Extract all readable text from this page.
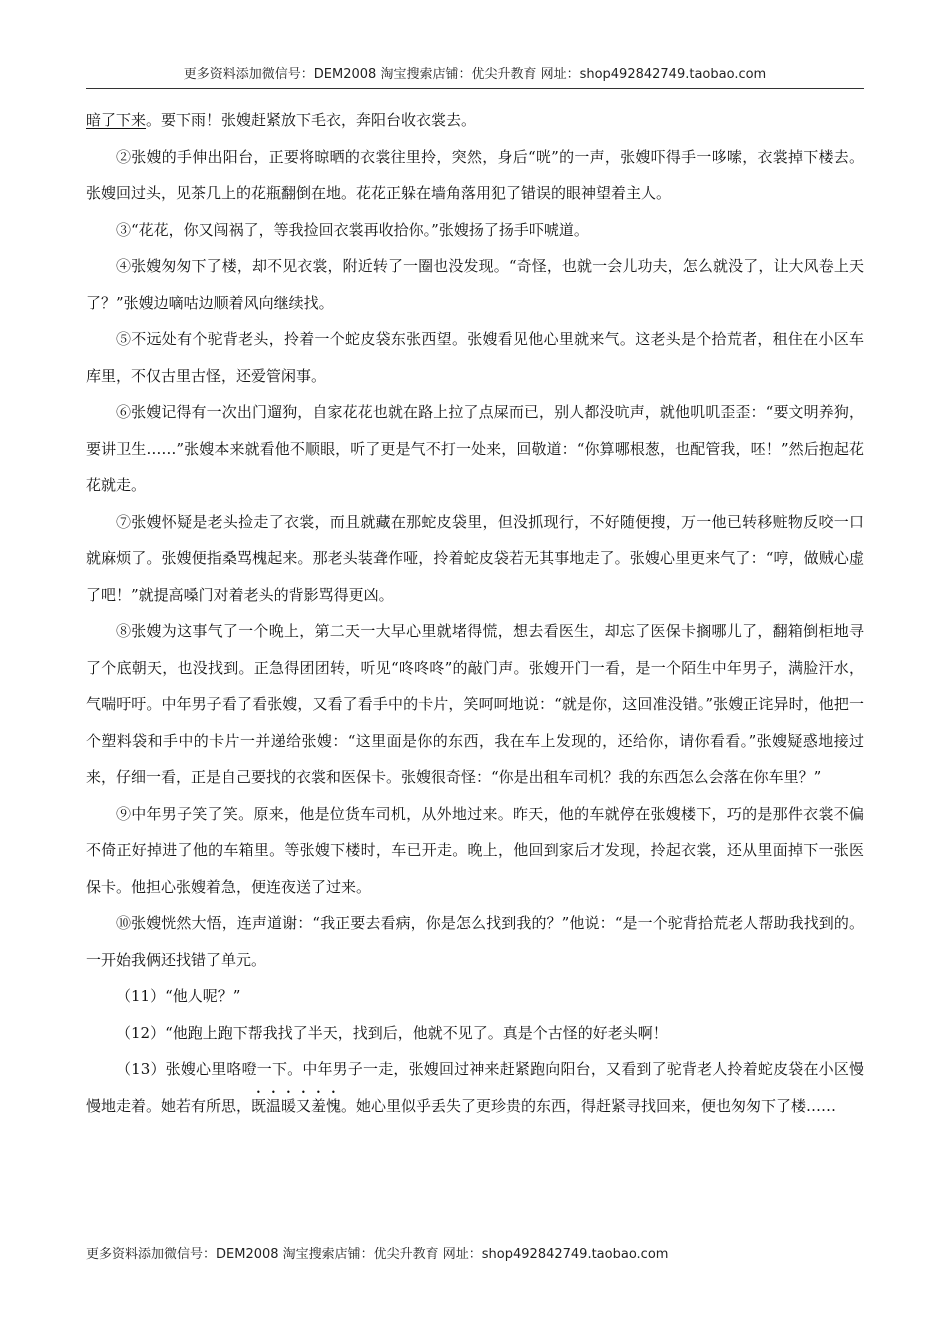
更多资料添加微信号：DEM2008 淘宝搜索店铺：优尖升教育 网址：shop492842749.taobao.com

暗了下来。要下雨！张嫂赶紧放下毛衣，奔阳台收衣裳去。

②张嫂的手伸出阳台，正要将晾晒的衣裳往里拎，突然，身后“咣”的一声，张嫂吓得手一哆嗦，衣裳掉下楼去。张嫂回过头，见茶几上的花瓶翻倒在地。花花正躲在墙角落用犯了错误的眼神望着主人。

③“花花，你又闯祸了，等我捡回衣裳再收拾你。”张嫂扬了扬手吓唬道。

④张嫂匆匆下了楼，却不见衣裳，附近转了一圈也没发现。“奇怪，也就一会儿功夫，怎么就没了，让大风卷上天了？”张嫂边嘀咕边顺着风向继续找。

⑤不远处有个驼背老头，拎着一个蛇皮袋东张西望。张嫂看见他心里就来气。这老头是个拾荒者，租住在小区车库里，不仅古里古怪，还爱管闲事。

⑥张嫂记得有一次出门遛狗，自家花花也就在路上拉了点屎而已，别人都没吭声，就他叽叽歪歪：“要文明养狗，要讲卫生……”张嫂本来就看他不顺眼，听了更是气不打一处来，回敬道：“你算哪根葱，也配管我，呸！”然后抱起花花就走。

⑦张嫂怀疑是老头捡走了衣裳，而且就藏在那蛇皮袋里，但没抓现行，不好随便搜，万一他已转移赃物反咬一口就麻烦了。张嫂便指桑骂槐起来。那老头装聋作哑，拎着蛇皮袋若无其事地走了。张嫂心里更来气了：“哼，做贼心虚了吧！”就提高嗓门对着老头的背影骂得更凶。

⑧张嫂为这事气了一个晚上，第二天一大早心里就堵得慌，想去看医生，却忘了医保卡搁哪儿了，翻箱倒柜地寻了个底朝天，也没找到。正急得团团转，听见“咚咚咚”的敲门声。张嫂开门一看，是一个陌生中年男子，满脸汗水，气喘吁吁。中年男子看了看张嫂，又看了看手中的卡片，笑呵呵地说：“就是你，这回准没错。”张嫂正诧异时，他把一个塑料袋和手中的卡片一并递给张嫂：“这里面是你的东西，我在车上发现的，还给你，请你看看。”张嫂疑惑地接过来，仔细一看，正是自己要找的衣裳和医保卡。张嫂很奇怪：“你是出租车司机？我的东西怎么会落在你车里？”

⑨中年男子笑了笑。原来，他是位货车司机，从外地过来。昨天，他的车就停在张嫂楼下，巧的是那件衣裳不偏不倚正好掉进了他的车箱里。等张嫂下楼时，车已开走。晚上，他回到家后才发现，拎起衣裳，还从里面掉下一张医保卡。他担心张嫂着急，便连夜送了过来。

⑩张嫂恍然大悟，连声道谢：“我正要去看病，你是怎么找到我的？”他说：“是一个驼背拾荒老人帮助我找到的。一开始我俩还找错了单元。

（11）“他人呢？”

（12）“他跑上跑下帮我找了半天，找到后，他就不见了。真是个古怪的好老头啊！

（13）张嫂心里咯噔一下。中年男子一走，张嫂回过神来赶紧跑向阳台，又看到了驼背老人拎着蛇皮袋在小区慢慢地走着。她若有所思，既温暖又羞愧。她心里似乎丢失了更珍贵的东西，得赶紧寻找回来，便也匆匆下了楼……

更多资料添加微信号：DEM2008 淘宝搜索店铺：优尖升教育 网址：shop492842749.taobao.com
